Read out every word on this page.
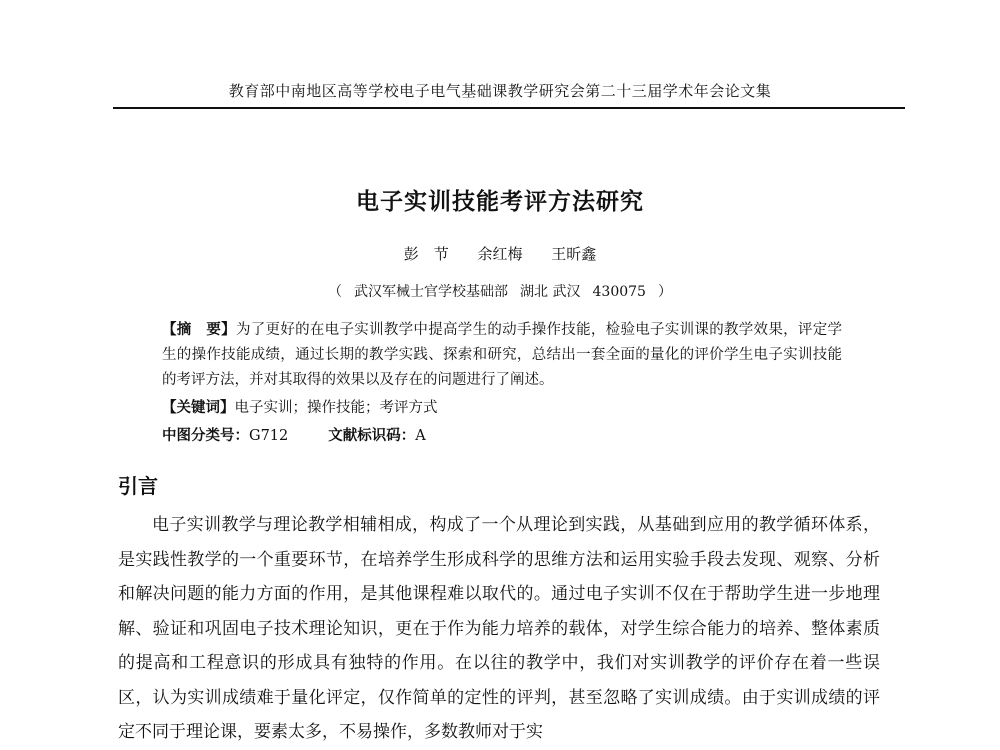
教育部中南地区高等学校电子电气基础课教学研究会第二十三届学术年会论文集
电子实训技能考评方法研究
彭　节 余红梅 王昕鑫
（ 武汉军械士官学校基础部 湖北 武汉 430075 ）
【摘　要】为了更好的在电子实训教学中提高学生的动手操作技能，检验电子实训课的教学效果，评定学生的操作技能成绩，通过长期的教学实践、探索和研究，总结出一套全面的量化的评价学生电子实训技能的考评方法，并对其取得的效果以及存在的问题进行了阐述。
【关键词】电子实训；操作技能；考评方式
中图分类号：G712	文献标识码：A
引言
电子实训教学与理论教学相辅相成，构成了一个从理论到实践，从基础到应用的教学循环体系，是实践性教学的一个重要环节，在培养学生形成科学的思维方法和运用实验手段去发现、观察、分析和解决问题的能力方面的作用，是其他课程难以取代的。通过电子实训不仅在于帮助学生进一步地理解、验证和巩固电子技术理论知识，更在于作为能力培养的载体，对学生综合能力的培养、整体素质的提高和工程意识的形成具有独特的作用。在以往的教学中，我们对实训教学的评价存在着一些误区，认为实训成绩难于量化评定，仅作简单的定性的评判，甚至忽略了实训成绩。由于实训成绩的评定不同于理论课，要素太多，不易操作，多数教师对于实
